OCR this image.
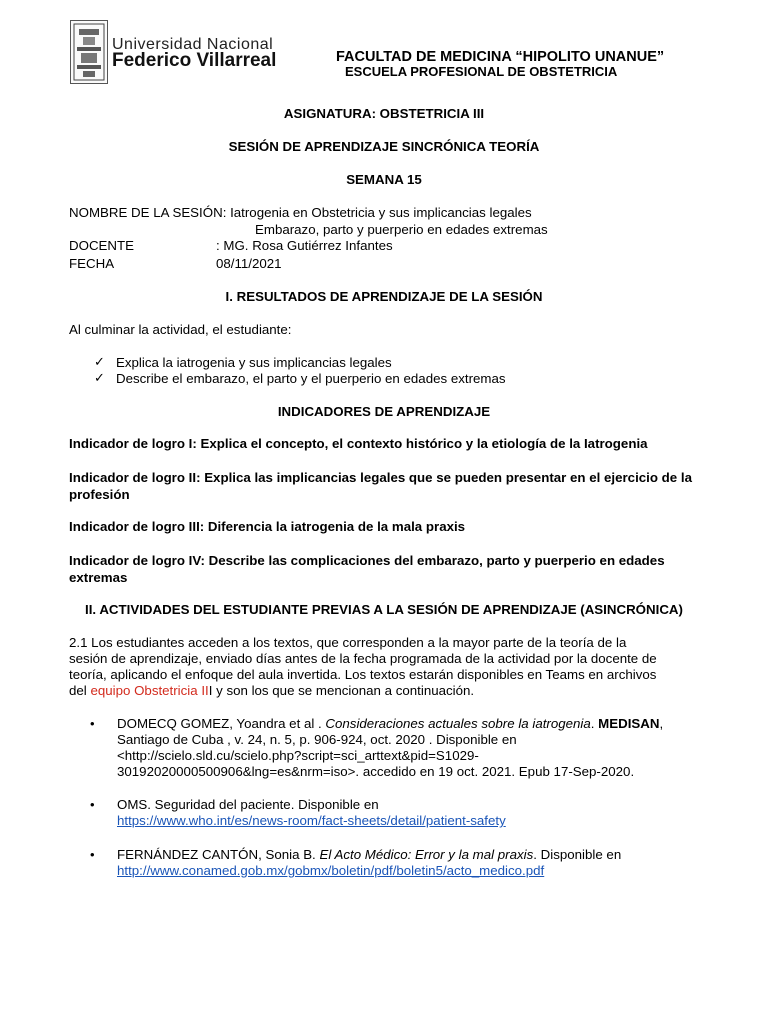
Universidad Nacional
Federico Villarreal	FACULTAD DE MEDICINA “HIPOLITO UNANUE”
ESCUELA PROFESIONAL DE OBSTETRICIA
ASIGNATURA: OBSTETRICIA III
SESIÓN DE APRENDIZAJE SINCRÓNICA TEORÍA
SEMANA 15
NOMBRE DE LA SESIÓN: Iatrogenia en Obstetricia y sus implicancias legales
Embarazo, parto y puerperio en edades extremas
DOCENTE	: MG. Rosa Gutiérrez Infantes
FECHA	08/11/2021
I. RESULTADOS DE APRENDIZAJE DE LA SESIÓN
Al culminar la actividad, el estudiante:
✓ Explica la iatrogenia y sus implicancias legales
✓ Describe el embarazo, el parto y el puerperio en edades extremas
INDICADORES DE APRENDIZAJE
Indicador de logro I: Explica el concepto, el contexto histórico y la etiología de la Iatrogenia
Indicador de logro II: Explica las implicancias legales que se pueden presentar en el ejercicio de la
profesión
Indicador de logro III: Diferencia la iatrogenia de la mala praxis
Indicador de logro IV: Describe las complicaciones del embarazo, parto y puerperio en edades
extremas
II. ACTIVIDADES DEL ESTUDIANTE PREVIAS A LA SESIÓN DE APRENDIZAJE (ASINCRÓNICA)
2.1 Los estudiantes acceden a los textos, que corresponden a la mayor parte de la teoría de la
sesión de aprendizaje, enviado días antes de la fecha programada de la actividad por la docente de
teoría, aplicando el enfoque del aula invertida. Los textos estarán disponibles en Teams en archivos
del equipo Obstetricia III y son los que se mencionan a continuación.
• DOMECQ GOMEZ, Yoandra et al . Consideraciones actuales sobre la iatrogenia. MEDISAN,
Santiago de Cuba , v. 24, n. 5, p. 906-924, oct. 2020 . Disponible en
<http://scielo.sld.cu/scielo.php?script=sci_arttext&pid=S1029-
30192020000500906&lng=es&nrm=iso>. accedido en 19 oct. 2021. Epub 17-Sep-2020.
• OMS. Seguridad del paciente. Disponible en
https://www.who.int/es/news-room/fact-sheets/detail/patient-safety
• FERNÁNDEZ CANTÓN, Sonia B. El Acto Médico: Error y la mal praxis. Disponible en
http://www.conamed.gob.mx/gobmx/boletin/pdf/boletin5/acto_medico.pdf
